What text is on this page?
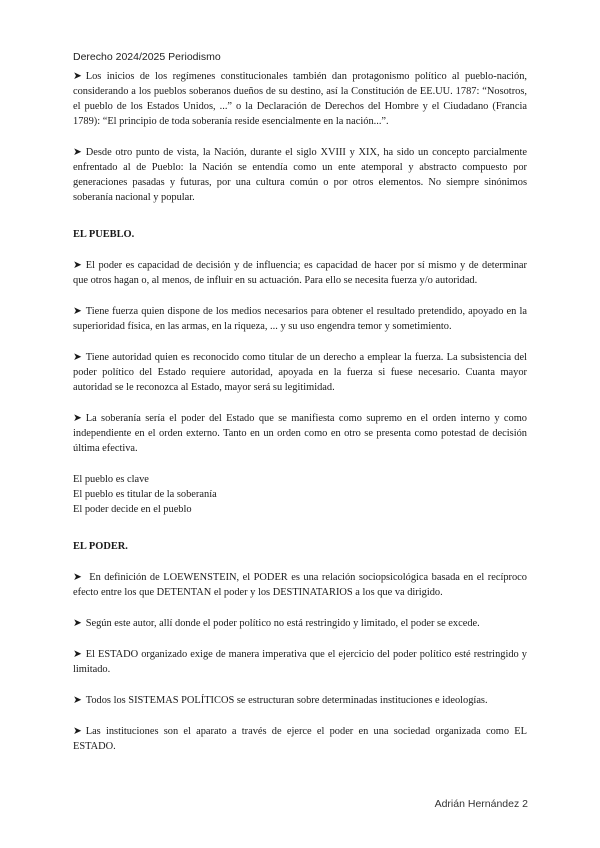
Derecho 2024/2025 Periodismo

➤ Los inicios de los regímenes constitucionales también dan protagonismo político al pueblo-nación, considerando a los pueblos soberanos dueños de su destino, así la Constitución de EE.UU. 1787: “Nosotros, el pueblo de los Estados Unidos, ...” o la Declaración de Derechos del Hombre y el Ciudadano (Francia 1789): “El principio de toda soberanía reside esencialmente en la nación...”.

➤ Desde otro punto de vista, la Nación, durante el siglo XVIII y XIX, ha sido un concepto parcialmente enfrentado al de Pueblo: la Nación se entendía como un ente atemporal y abstracto compuesto por generaciones pasadas y futuras, por una cultura común o por otros elementos. No siempre sinónimos soberanía nacional y popular.

EL PUEBLO.

➤ El poder es capacidad de decisión y de influencia; es capacidad de hacer por sí mismo y de determinar que otros hagan o, al menos, de influir en su actuación. Para ello se necesita fuerza y/o autoridad.

➤ Tiene fuerza quien dispone de los medios necesarios para obtener el resultado pretendido, apoyado en la superioridad física, en las armas, en la riqueza, ... y su uso engendra temor y sometimiento.

➤ Tiene autoridad quien es reconocido como titular de un derecho a emplear la fuerza. La subsistencia del poder político del Estado requiere autoridad, apoyada en la fuerza si fuese necesario. Cuanta mayor autoridad se le reconozca al Estado, mayor será su legitimidad.

➤ La soberanía sería el poder del Estado que se manifiesta como supremo en el orden interno y como independiente en el orden externo. Tanto en un orden como en otro se presenta como potestad de decisión última efectiva.

El pueblo es clave

El pueblo es titular de la soberanía

El poder decide en el pueblo

EL PODER.

➤ En definición de LOEWENSTEIN, el PODER es una relación sociopsicológica basada en el recíproco efecto entre los que DETENTAN el poder y los DESTINATARIOS a los que va dirigido.

➤ Según este autor, allí donde el poder político no está restringido y limitado, el poder se excede.

➤ El ESTADO organizado exige de manera imperativa que el ejercicio del poder político esté restringido y limitado.

➤ Todos los SISTEMAS POLÍTICOS se estructuran sobre determinadas instituciones e ideologías.

➤ Las instituciones son el aparato a través de ejerce el poder en una sociedad organizada como EL ESTADO.

Adrián Hernández 2
